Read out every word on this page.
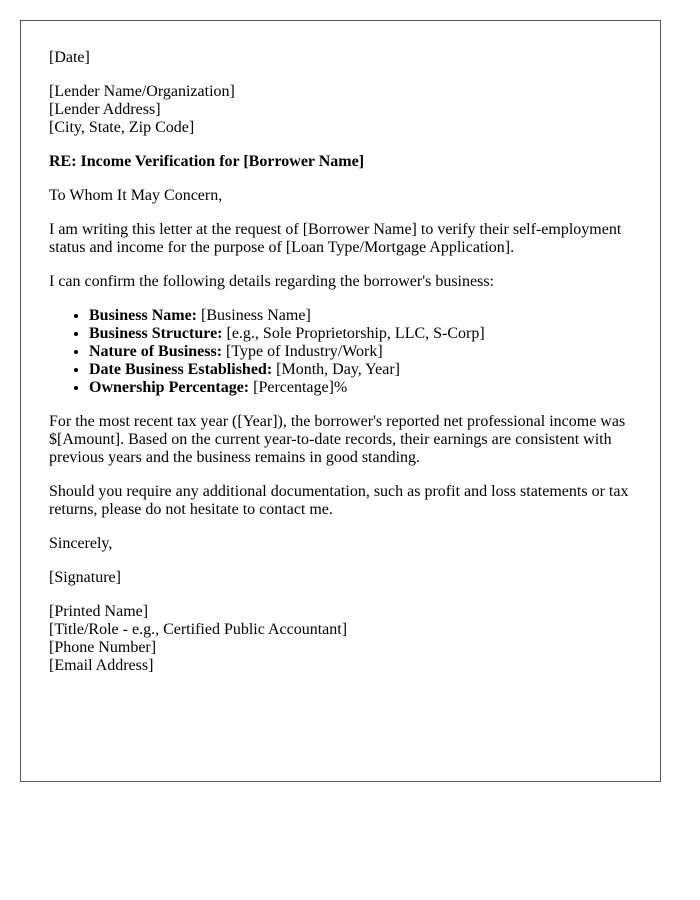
[Date]

[Lender Name/Organization]
[Lender Address]
[City, State, Zip Code]

RE: Income Verification for [Borrower Name]

To Whom It May Concern,

I am writing this letter at the request of [Borrower Name] to verify their self-employment status and income for the purpose of [Loan Type/Mortgage Application].

I can confirm the following details regarding the borrower's business:

• Business Name: [Business Name]
• Business Structure: [e.g., Sole Proprietorship, LLC, S-Corp]
• Nature of Business: [Type of Industry/Work]
• Date Business Established: [Month, Day, Year]
• Ownership Percentage: [Percentage]%

For the most recent tax year ([Year]), the borrower's reported net professional income was $[Amount]. Based on the current year-to-date records, their earnings are consistent with previous years and the business remains in good standing.

Should you require any additional documentation, such as profit and loss statements or tax returns, please do not hesitate to contact me.

Sincerely,

[Signature]

[Printed Name]
[Title/Role - e.g., Certified Public Accountant]
[Phone Number]
[Email Address]
